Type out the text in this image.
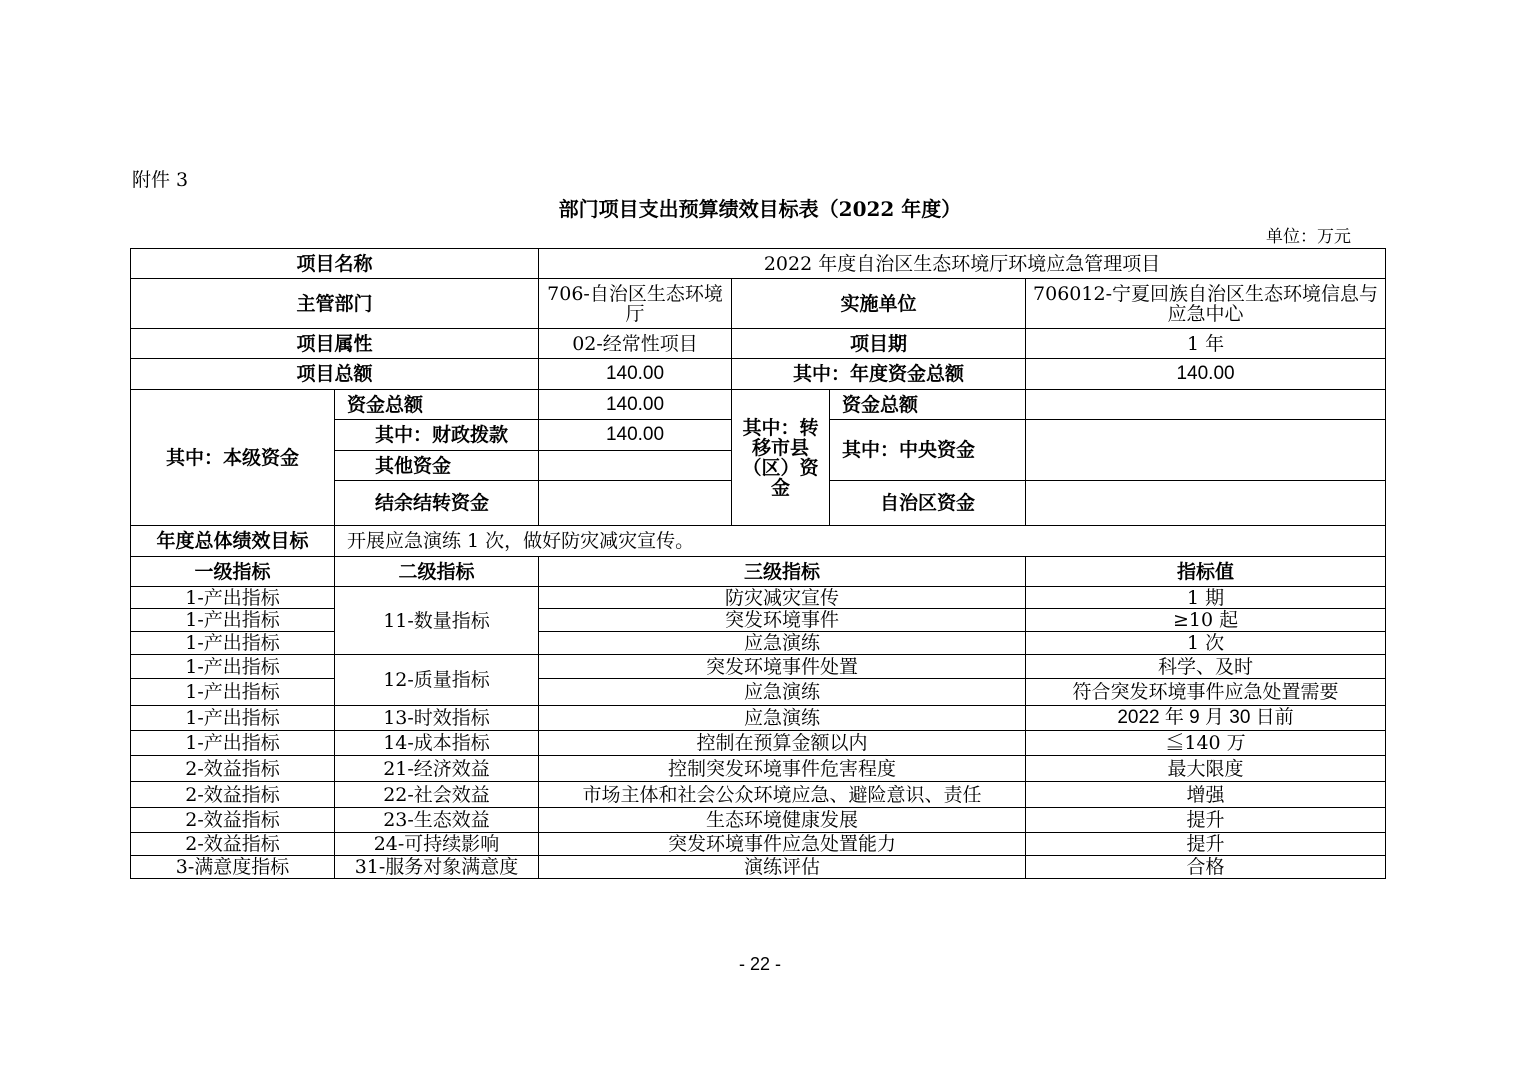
附件 3
部门项目支出预算绩效目标表（2022 年度）
单位：万元
项目名称		2022 年度自治区生态环境厅环境应急管理项目			
主管部门		706-自治区生态环境厅	实施单位		706012-宁夏回族自治区生态环境信息与应急中心
项目属性		02-经常性项目	项目期		1 年
项目总额		140.00	其中：年度资金总额		140.00
其中：本级资金	资金总额	140.00	其中：转移市县（区）资金	资金总额	
	其中：财政拨款	140.00		其中：中央资金	
	其他资金				
	结余结转资金			自治区资金	
年度总体绩效目标	开展应急演练 1 次，做好防灾减灾宣传。				
一级指标	二级指标	三级指标			指标值
1-产出指标	11-数量指标	防灾减灾宣传			1 期
1-产出指标		突发环境事件			≥10 起
1-产出指标		应急演练			1 次
1-产出指标	12-质量指标	突发环境事件处置			科学、及时
1-产出指标		应急演练			符合突发环境事件应急处置需要
1-产出指标	13-时效指标	应急演练			2022 年 9 月 30 日前
1-产出指标	14-成本指标	控制在预算金额以内			≦140 万
2-效益指标	21-经济效益	控制突发环境事件危害程度			最大限度
2-效益指标	22-社会效益	市场主体和社会公众环境应急、避险意识、责任			增强
2-效益指标	23-生态效益	生态环境健康发展			提升
2-效益指标	24-可持续影响	突发环境事件应急处置能力			提升
3-满意度指标	31-服务对象满意度	演练评估			合格
- 22 -
